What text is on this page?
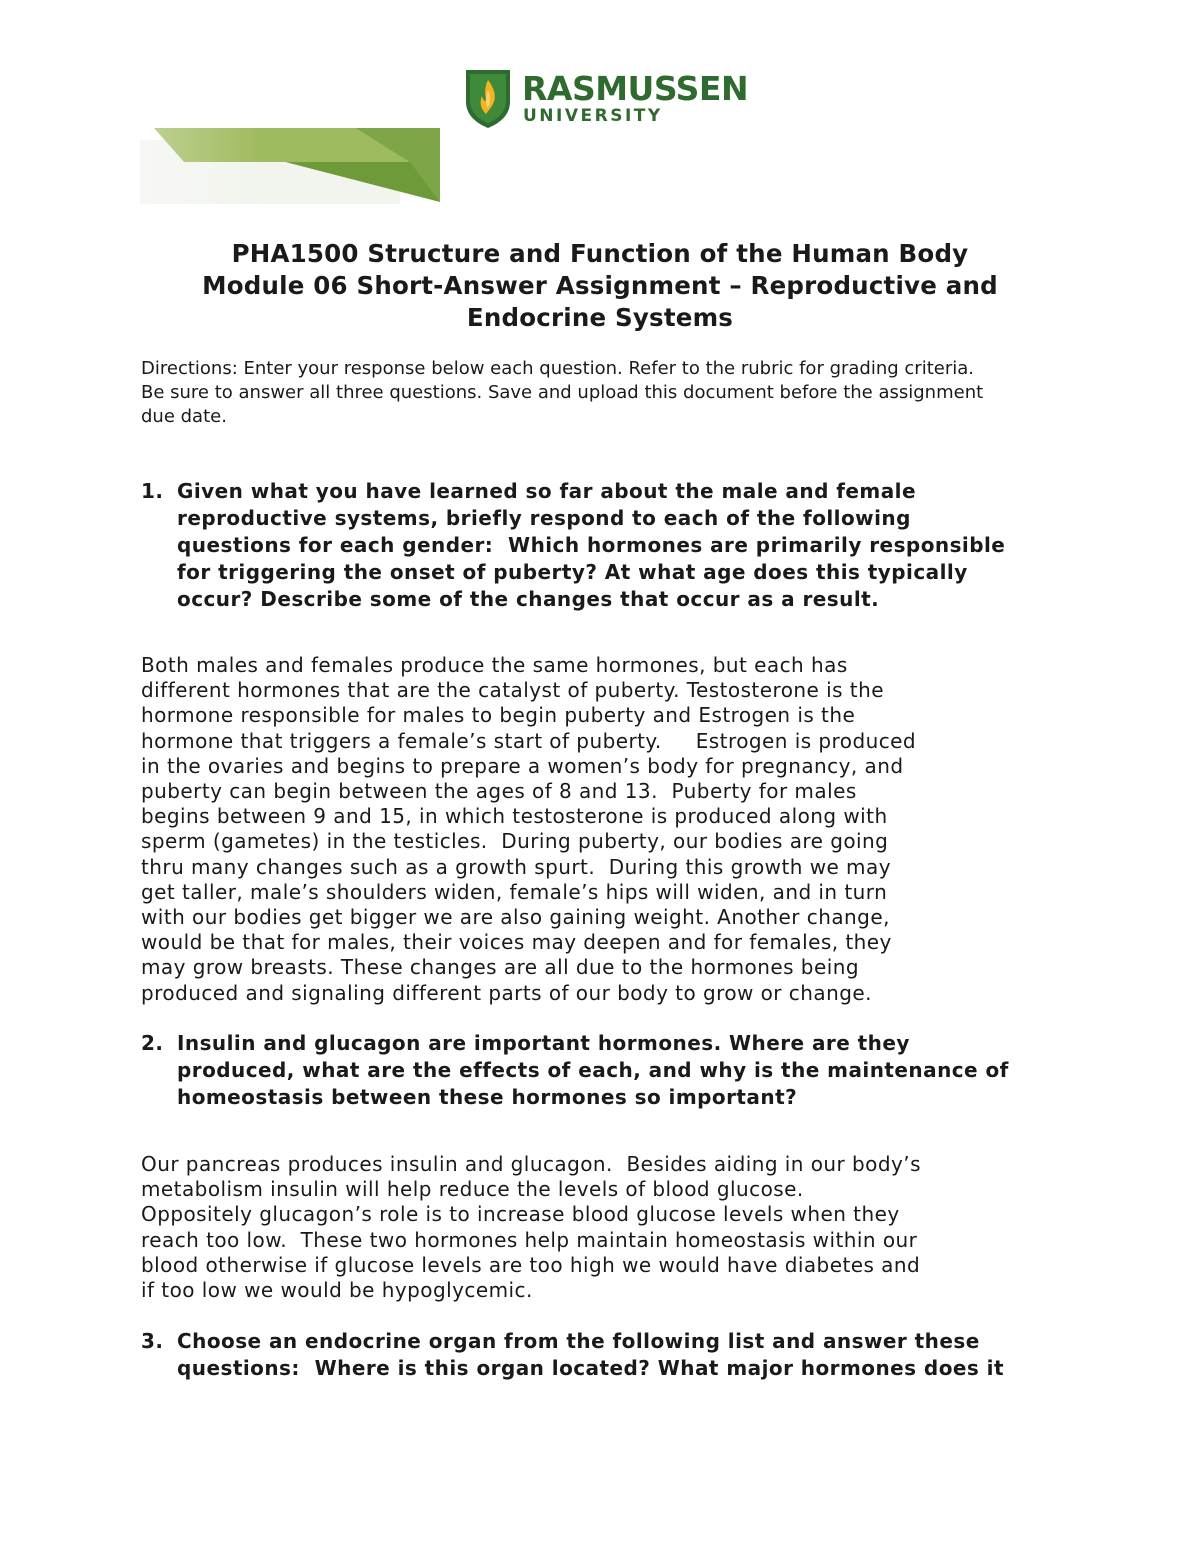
RASMUSSEN
UNIVERSITY
PHA1500 Structure and Function of the Human Body
Module 06 Short-Answer Assignment – Reproductive and
Endocrine Systems
Directions: Enter your response below each question. Refer to the rubric for grading criteria.
Be sure to answer all three questions. Save and upload this document before the assignment
due date.
1. Given what you have learned so far about the male and female
reproductive systems, briefly respond to each of the following
questions for each gender:  Which hormones are primarily responsible
for triggering the onset of puberty? At what age does this typically
occur? Describe some of the changes that occur as a result.
Both males and females produce the same hormones, but each has
different hormones that are the catalyst of puberty. Testosterone is the
hormone responsible for males to begin puberty and Estrogen is the
hormone that triggers a female’s start of puberty.     Estrogen is produced
in the ovaries and begins to prepare a women’s body for pregnancy, and
puberty can begin between the ages of 8 and 13.  Puberty for males
begins between 9 and 15, in which testosterone is produced along with
sperm (gametes) in the testicles.  During puberty, our bodies are going
thru many changes such as a growth spurt.  During this growth we may
get taller, male’s shoulders widen, female’s hips will widen, and in turn
with our bodies get bigger we are also gaining weight. Another change,
would be that for males, their voices may deepen and for females, they
may grow breasts. These changes are all due to the hormones being
produced and signaling different parts of our body to grow or change.
2. Insulin and glucagon are important hormones. Where are they
produced, what are the effects of each, and why is the maintenance of
homeostasis between these hormones so important?
Our pancreas produces insulin and glucagon.  Besides aiding in our body’s
metabolism insulin will help reduce the levels of blood glucose.
Oppositely glucagon’s role is to increase blood glucose levels when they
reach too low.  These two hormones help maintain homeostasis within our
blood otherwise if glucose levels are too high we would have diabetes and
if too low we would be hypoglycemic.
3. Choose an endocrine organ from the following list and answer these
questions:  Where is this organ located? What major hormones does it
